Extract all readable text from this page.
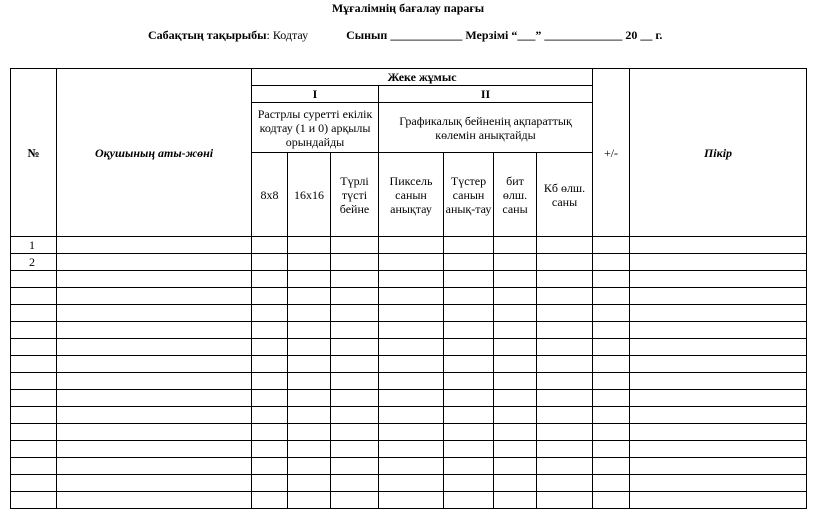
Мұғалімнің бағалау парағы
Сабақтың тақырыбы: Кодтау	Сынып ____________ Мерзімі “___” _____________ 20 __ г.
№	Оқушының аты-жөні	Жеке жұмыс							+/-	Пікір
		I			II					
		Растрлы суретті екілік кодтау (1 и 0) арқылы орындайды			Графикалық бейненің ақпараттық көлемін анықтайды					
		8x8	16x16	Түрлі түсті бейне	Пиксель санын анықтау	Түстер санын анық-тау	бит өлш. саны	Кб өлш. саны		
1										
2										
